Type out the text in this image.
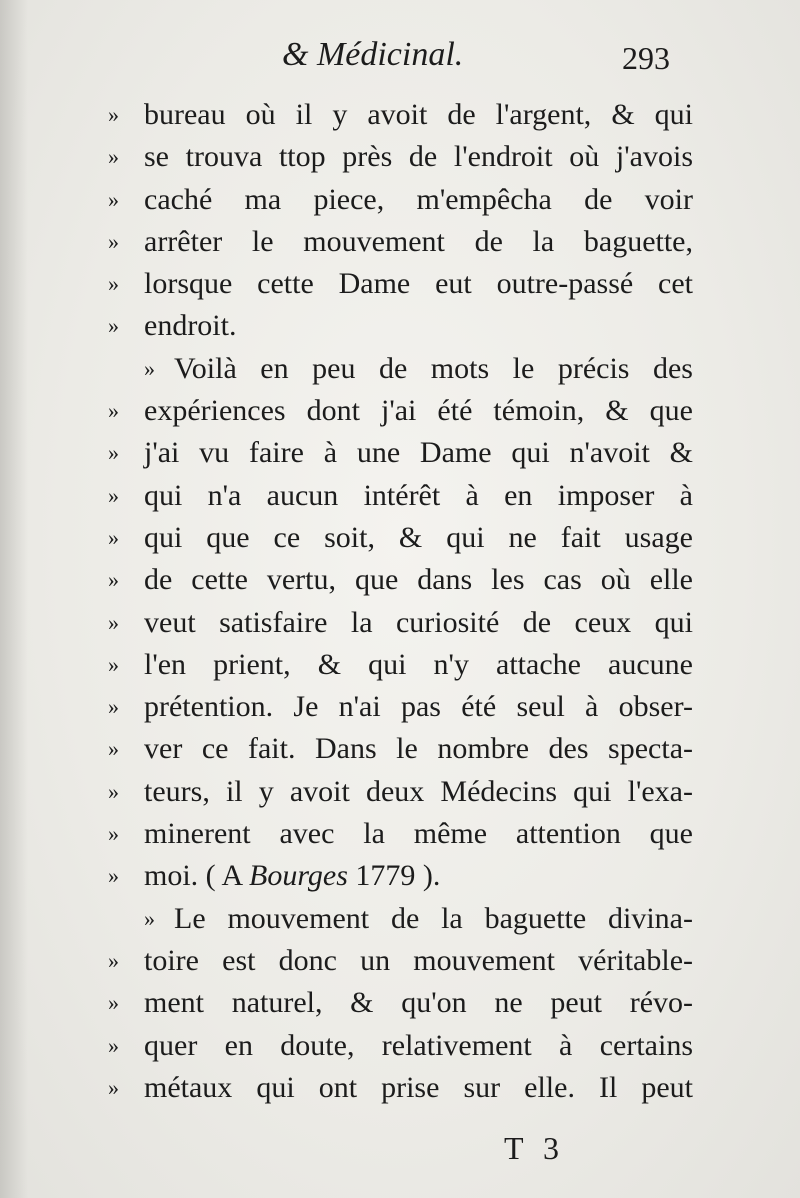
& Médicinal.	293
» bureau où il y avoit de l'argent, & qui
» se trouva ttop près de l'endroit où j'avois
» caché ma piece, m'empêcha de voir
» arrêter le mouvement de la baguette,
» lorsque cette Dame eut outre-passé cet
» endroit.
» Voilà en peu de mots le précis des
» expériences dont j'ai été témoin, & que
» j'ai vu faire à une Dame qui n'avoit &
» qui n'a aucun intérêt à en imposer à
» qui que ce soit, & qui ne fait usage
» de cette vertu, que dans les cas où elle
» veut satisfaire la curiosité de ceux qui
» l'en prient, & qui n'y attache aucune
» prétention. Je n'ai pas été seul à obser-
» ver ce fait. Dans le nombre des specta-
» teurs, il y avoit deux Médecins qui l'exa-
» minerent avec la même attention que
» moi. ( A Bourges 1779 ).
» Le mouvement de la baguette divina-
» toire est donc un mouvement véritable-
» ment naturel, & qu'on ne peut révo-
» quer en doute, relativement à certains
» métaux qui ont prise sur elle. Il peut
T 3
